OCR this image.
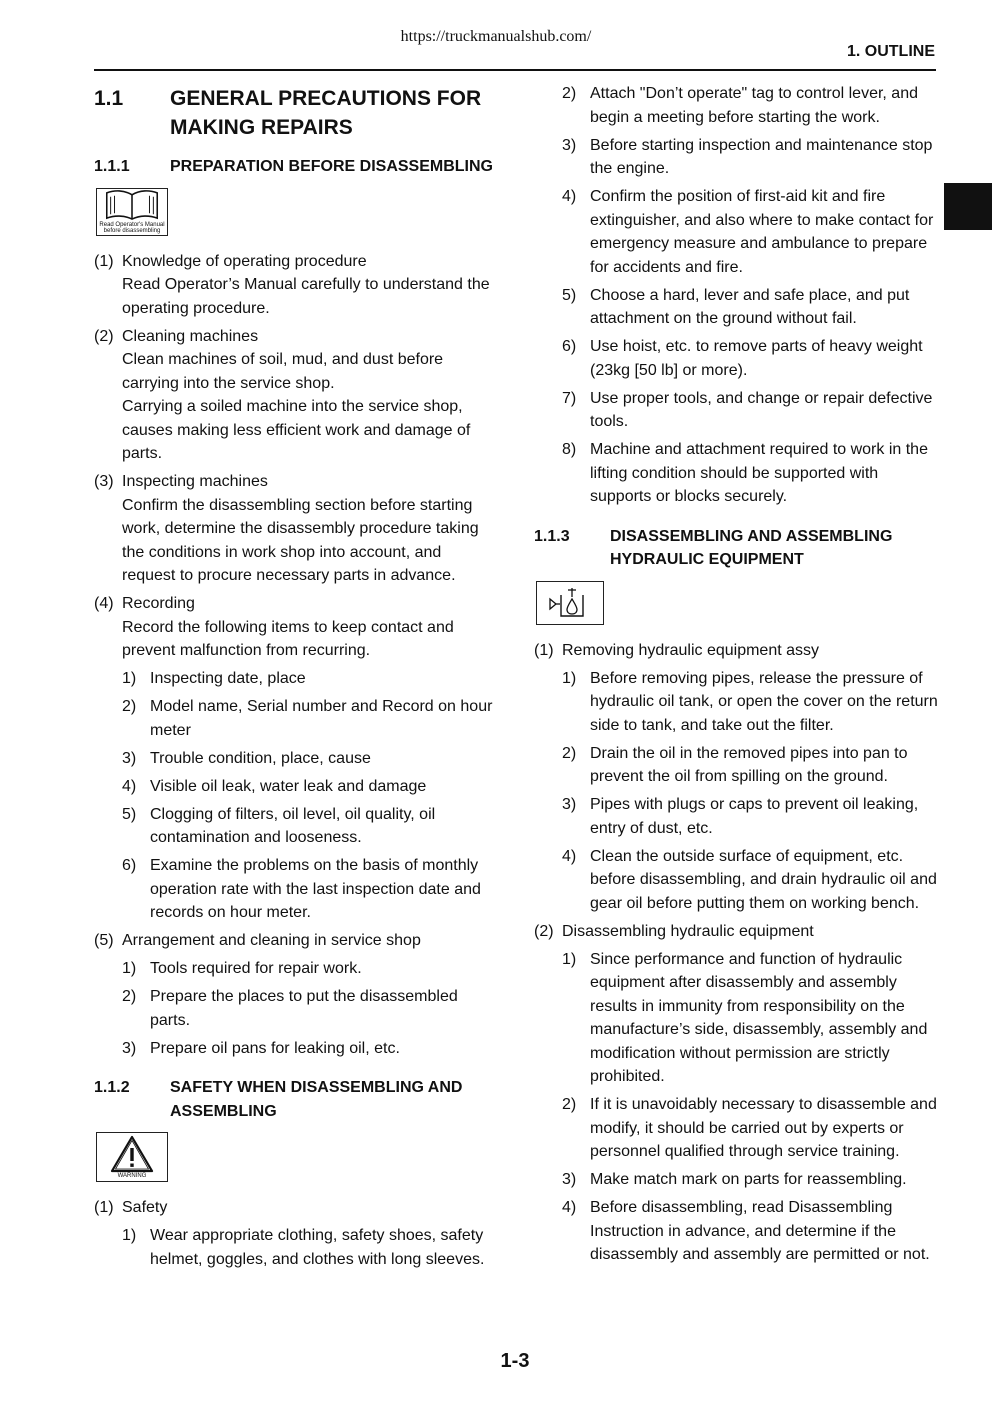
https://truckmanualshub.com/
1. OUTLINE
1.1	GENERAL PRECAUTIONS FOR MAKING REPAIRS
1.1.1	PREPARATION BEFORE DISASSEMBLING
Read Operator's Manual
before disassembling
(1) Knowledge of operating procedure
Read Operator’s Manual carefully to understand the operating procedure.
(2) Cleaning machines
Clean machines of soil, mud, and dust before carrying into the service shop.
Carrying a soiled machine into the service shop, causes making less efficient work and damage of parts.
(3) Inspecting machines
Confirm the disassembling section before starting work, determine the disassembly procedure taking the conditions in work shop into account, and request to procure necessary parts in advance.
(4) Recording
Record the following items to keep contact and prevent malfunction from recurring.
1) Inspecting date, place
2) Model name, Serial number and Record on hour meter
3) Trouble condition, place, cause
4) Visible oil leak, water leak and damage
5) Clogging of filters, oil level, oil quality, oil contamination and looseness.
6) Examine the problems on the basis of monthly operation rate with the last inspection date and records on hour meter.
(5) Arrangement and cleaning in service shop
1) Tools required for repair work.
2) Prepare the places to put the disassembled parts.
3) Prepare oil pans for leaking oil, etc.
1.1.2	SAFETY WHEN DISASSEMBLING AND ASSEMBLING
WARNING
(1) Safety
1) Wear appropriate clothing, safety shoes, safety helmet, goggles, and clothes with long sleeves.
2) Attach "Don’t operate" tag to control lever, and begin a meeting before starting the work.
3) Before starting inspection and maintenance stop the engine.
4) Confirm the position of first-aid kit and fire extinguisher, and also where to make contact for emergency measure and ambulance to prepare for accidents and fire.
5) Choose a hard, lever and safe place, and put attachment on the ground without fail.
6) Use hoist, etc. to remove parts of heavy weight (23kg [50 lb] or more).
7) Use proper tools, and change or repair defective tools.
8) Machine and attachment required to work in the lifting condition should be supported with supports or blocks securely.
1.1.3	DISASSEMBLING AND ASSEMBLING HYDRAULIC EQUIPMENT
(1) Removing hydraulic equipment assy
1) Before removing pipes, release the pressure of hydraulic oil tank, or open the cover on the return side to tank, and take out the filter.
2) Drain the oil in the removed pipes into pan to prevent the oil from spilling on the ground.
3) Pipes with plugs or caps to prevent oil leaking, entry of dust, etc.
4) Clean the outside surface of equipment, etc. before disassembling, and drain hydraulic oil and gear oil before putting them on working bench.
(2) Disassembling hydraulic equipment
1) Since performance and function of hydraulic equipment after disassembly and assembly results in immunity from responsibility on the manufacture’s side, disassembly, assembly and modification without permission are strictly prohibited.
2) If it is unavoidably necessary to disassemble and modify, it should be carried out by experts or personnel qualified through service training.
3) Make match mark on parts for reassembling.
4) Before disassembling, read Disassembling Instruction in advance, and determine if the disassembly and assembly are permitted or not.
1-3
